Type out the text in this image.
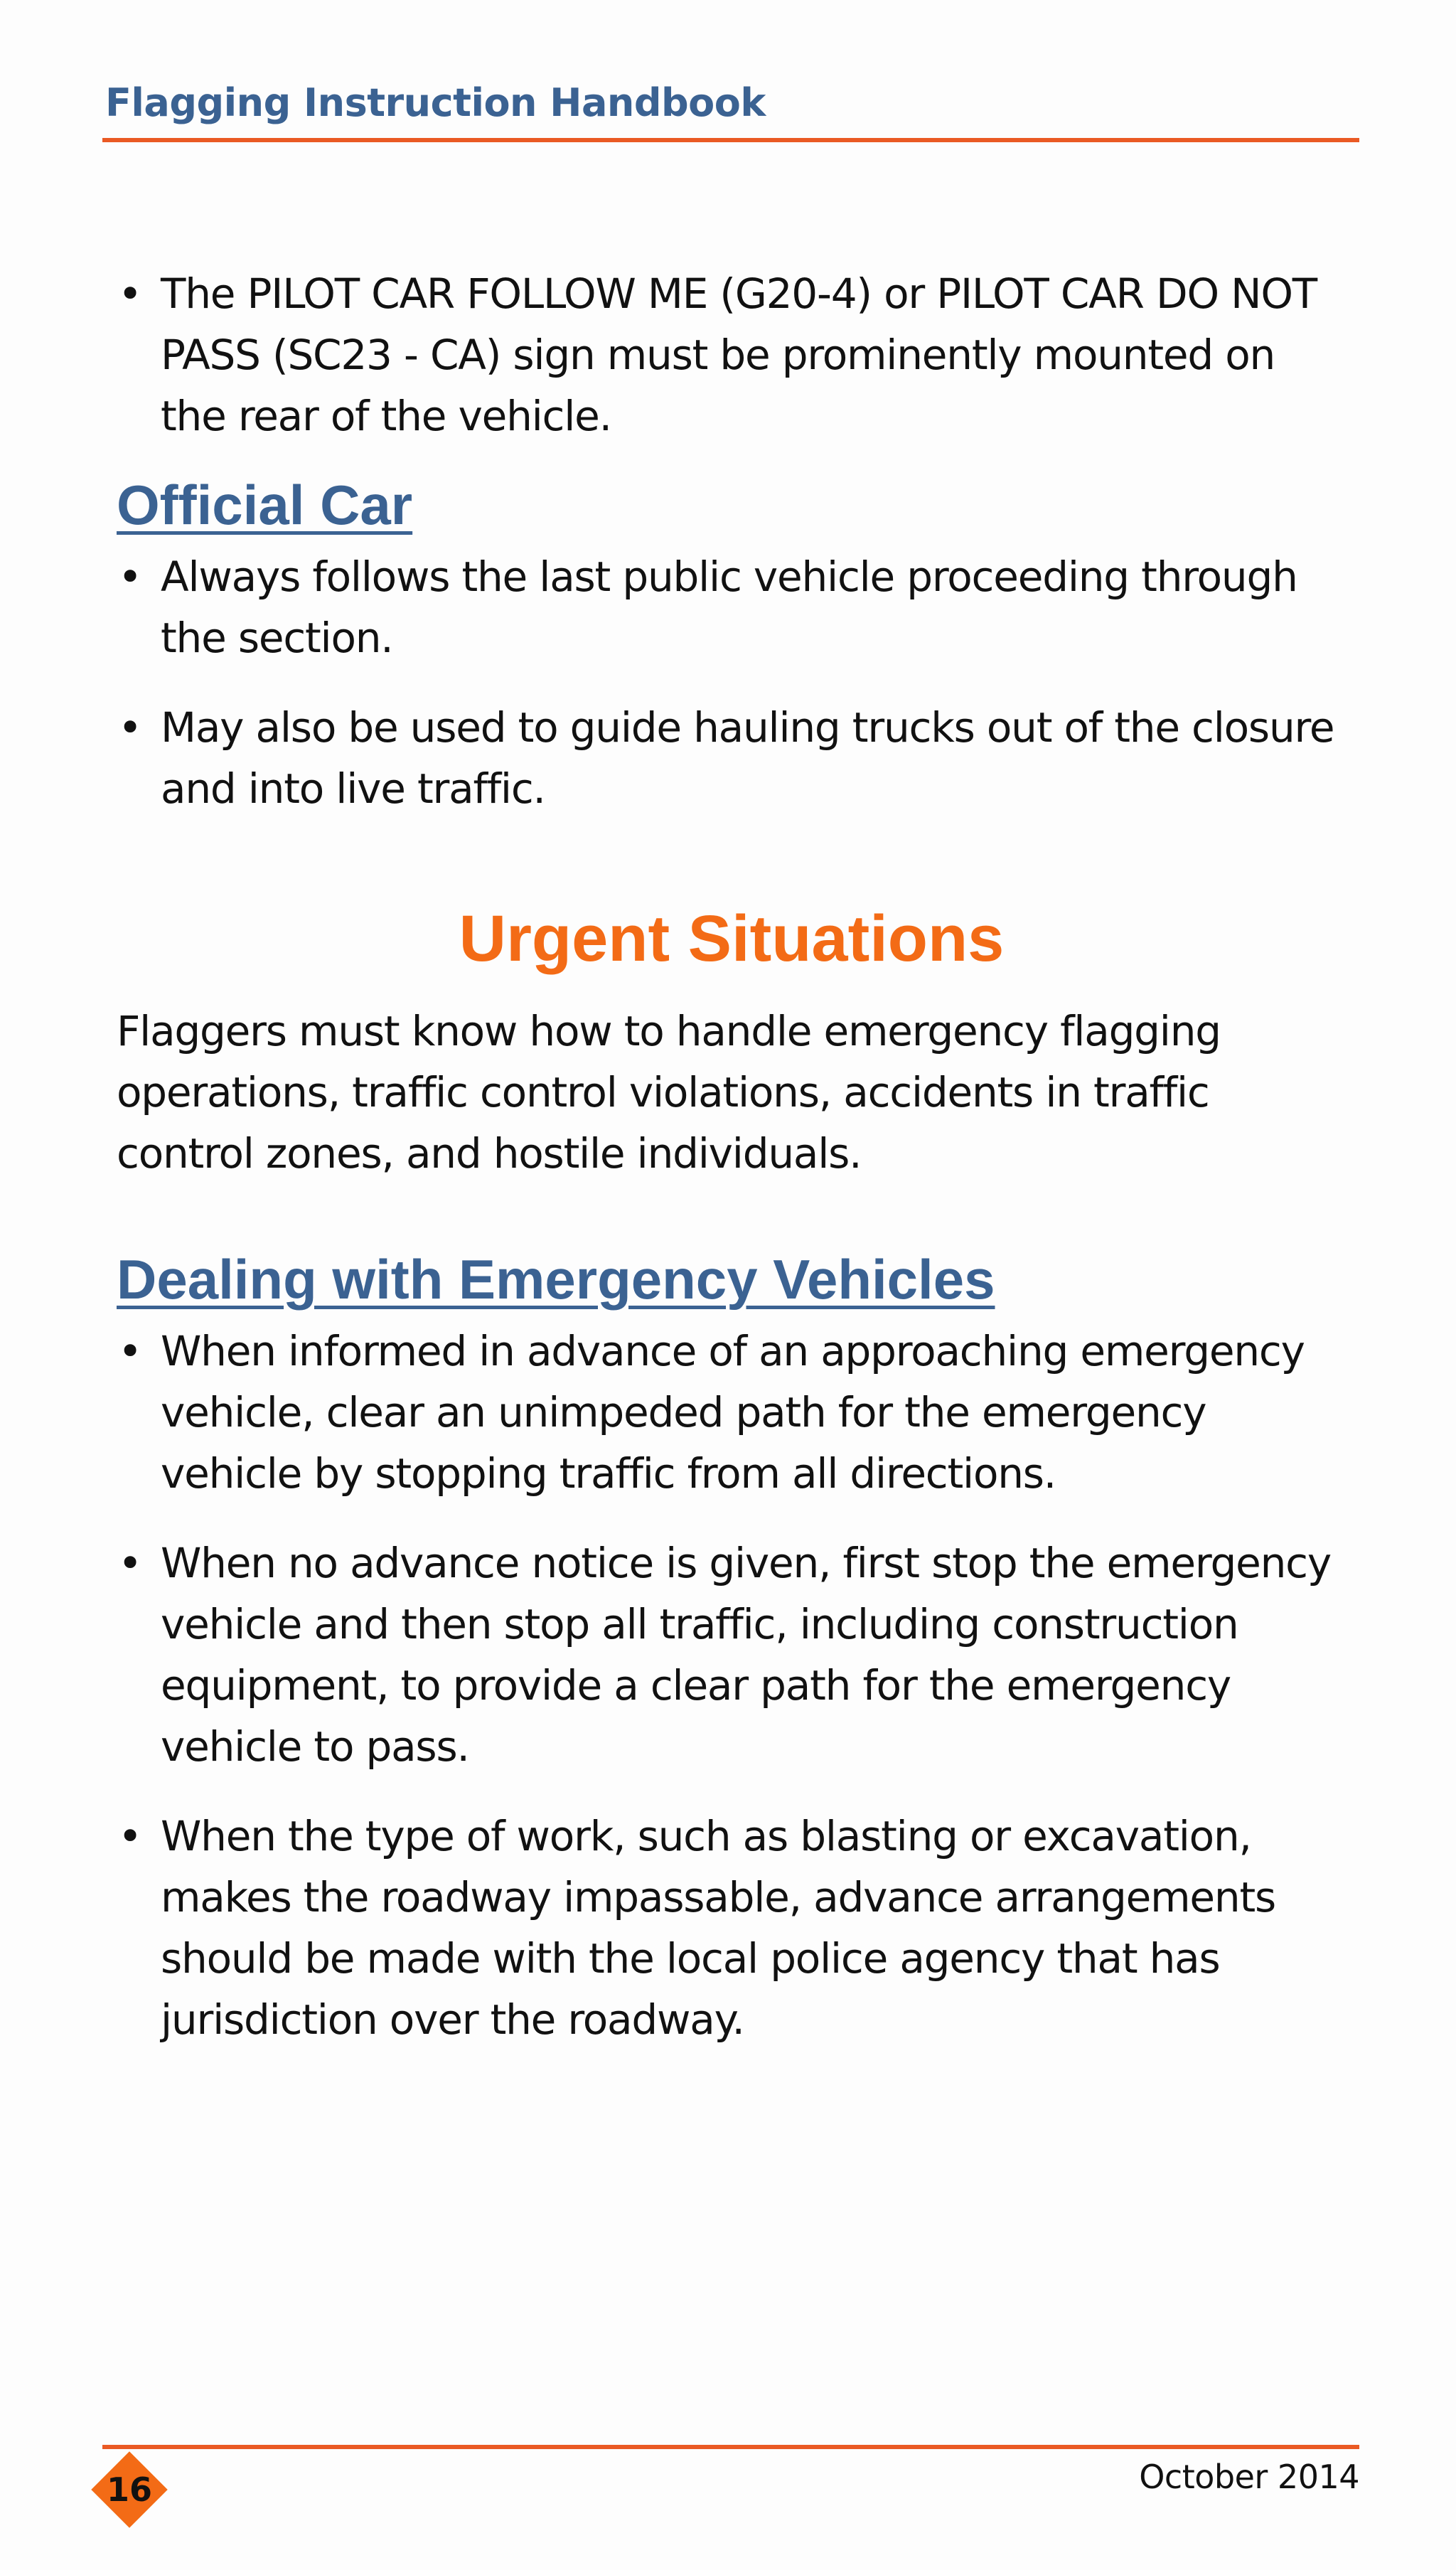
Flagging Instruction Handbook
• The PILOT CAR FOLLOW ME (G20-4) or PILOT CAR DO NOT PASS (SC23 - CA) sign must be prominently mounted on the rear of the vehicle.
Official Car
• Always follows the last public vehicle proceeding through the section.
• May also be used to guide hauling trucks out of the closure and into live traffic.
Urgent Situations

Flaggers must know how to handle emergency flagging operations, traffic control violations, accidents in traffic control zones, and hostile individuals.

Dealing with Emergency Vehicles
• When informed in advance of an approaching emergency vehicle, clear an unimpeded path for the emergency vehicle by stopping traffic from all directions.
• When no advance notice is given, first stop the emergency vehicle and then stop all traffic, including construction equipment, to provide a clear path for the emergency vehicle to pass.
• When the type of work, such as blasting or excavation, makes the roadway impassable, advance arrangements should be made with the local police agency that has jurisdiction over the roadway.
16	October 2014
